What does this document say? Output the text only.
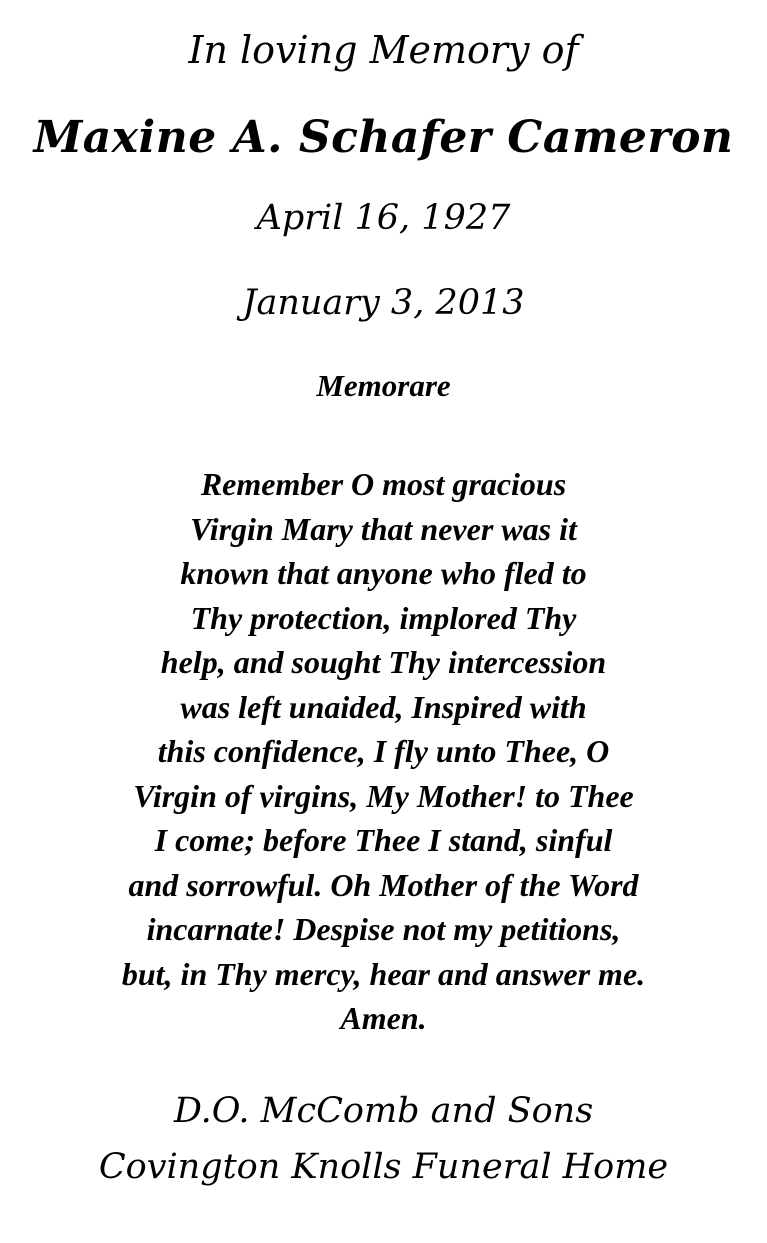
In loving Memory of
Maxine A. Schafer Cameron
April 16, 1927
January 3, 2013
Memorare
Remember O most gracious
Virgin Mary that never was it
known that anyone who fled to
Thy protection, implored Thy
help, and sought Thy intercession
was left unaided, Inspired with
this confidence, I fly unto Thee, O
Virgin of virgins, My Mother! to Thee
I come; before Thee I stand, sinful
and sorrowful. Oh Mother of the Word
incarnate! Despise not my petitions,
but, in Thy mercy, hear and answer me.
Amen.
D.O. McComb and Sons
Covington Knolls Funeral Home
